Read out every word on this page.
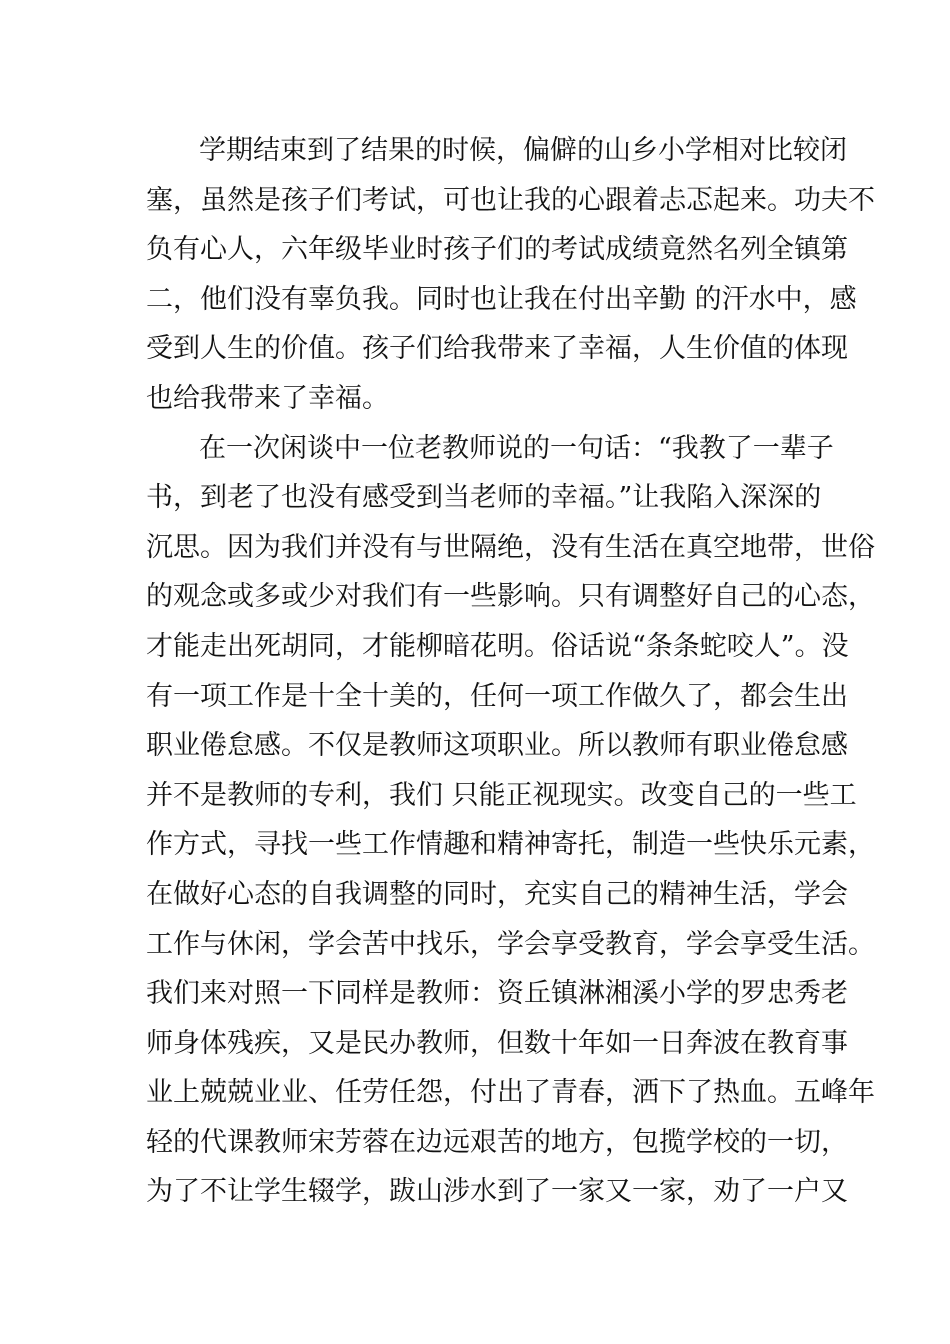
学期结束到了结果的时候，偏僻的山乡小学相对比较闭
塞，虽然是孩子们考试，可也让我的心跟着忐忑起来。功夫不
负有心人，六年级毕业时孩子们的考试成绩竟然名列全镇第
二，他们没有辜负我。同时也让我在付出辛勤 的汗水中，感
受到人生的价值。孩子们给我带来了幸福，人生价值的体现
也给我带来了幸福。
在一次闲谈中一位老教师说的一句话：“我教了一辈子
书，到老了也没有感受到当老师的幸福。”让我陷入深深的
沉思。因为我们并没有与世隔绝，没有生活在真空地带，世俗
的观念或多或少对我们有一些影响。只有调整好自己的心态，
才能走出死胡同，才能柳暗花明。俗话说“条条蛇咬人”。没
有一项工作是十全十美的，任何一项工作做久了，都会生出
职业倦怠感。不仅是教师这项职业。所以教师有职业倦怠感
并不是教师的专利，我们 只能正视现实。改变自己的一些工
作方式，寻找一些工作情趣和精神寄托，制造一些快乐元素，
在做好心态的自我调整的同时，充实自己的精神生活，学会
工作与休闲，学会苦中找乐，学会享受教育，学会享受生活。
我们来对照一下同样是教师：资丘镇淋湘溪小学的罗忠秀老
师身体残疾，又是民办教师，但数十年如一日奔波在教育事
业上兢兢业业、任劳任怨，付出了青春，洒下了热血。五峰年
轻的代课教师宋芳蓉在边远艰苦的地方，包揽学校的一切，
为了不让学生辍学，跋山涉水到了一家又一家，劝了一户又
